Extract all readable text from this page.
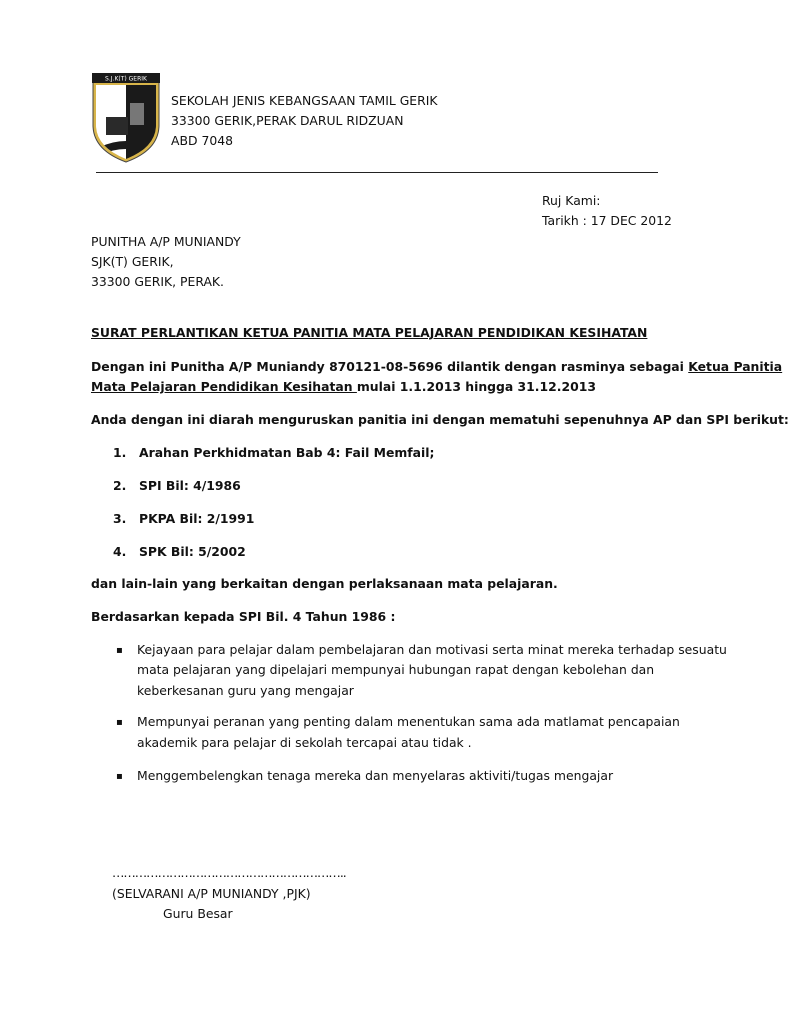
S.J.K(T) GERIK
SEKOLAH JENIS KEBANGSAAN TAMIL GERIK
33300 GERIK,PERAK DARUL RIDZUAN
ABD 7048
Ruj Kami:
Tarikh : 17 DEC 2012
PUNITHA A/P MUNIANDY
SJK(T) GERIK,
33300 GERIK, PERAK.
SURAT PERLANTIKAN KETUA PANITIA MATA PELAJARAN PENDIDIKAN KESIHATAN
Dengan ini Punitha A/P Muniandy 870121-08-5696 dilantik dengan rasminya sebagai Ketua Panitia
Mata Pelajaran Pendidikan Kesihatan mulai 1.1.2013 hingga 31.12.2013
Anda dengan ini diarah menguruskan panitia ini dengan mematuhi sepenuhnya AP dan SPI berikut:
1. Arahan Perkhidmatan Bab 4: Fail Memfail;
2. SPI Bil: 4/1986
3. PKPA Bil: 2/1991
4. SPK Bil: 5/2002
dan lain-lain yang berkaitan dengan perlaksanaan mata pelajaran.
Berdasarkan kepada SPI Bil. 4 Tahun 1986 :
▪ Kejayaan para pelajar dalam pembelajaran dan motivasi serta minat mereka terhadap sesuatu
mata pelajaran yang dipelajari mempunyai hubungan rapat dengan kebolehan dan
keberkesanan guru yang mengajar
▪ Mempunyai peranan yang penting dalam menentukan sama ada matlamat pencapaian
akademik para pelajar di sekolah tercapai atau tidak .
▪ Menggembelengkan tenaga mereka dan menyelaras aktiviti/tugas mengajar
……………………………………………………..
(SELVARANI A/P MUNIANDY ,PJK)
Guru Besar
